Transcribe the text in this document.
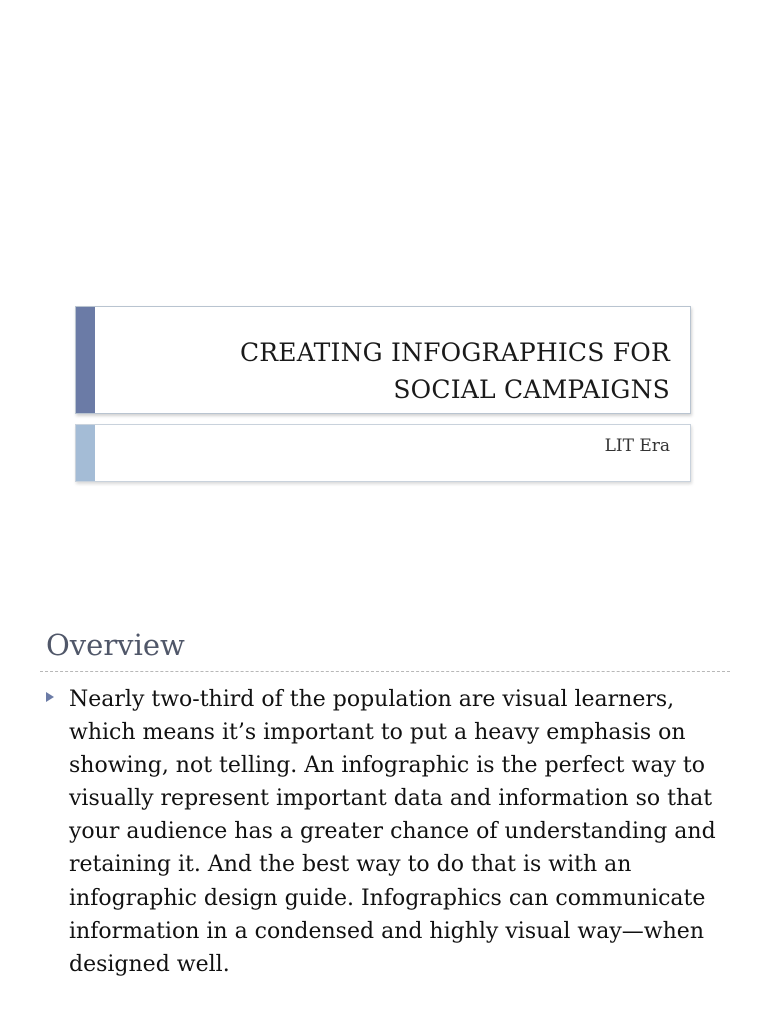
CREATING INFOGRAPHICS FOR
SOCIAL CAMPAIGNS
LIT Era
Overview

Nearly two-third of the population are visual learners, which means it’s important to put a heavy emphasis on showing, not telling. An infographic is the perfect way to visually represent important data and information so that your audience has a greater chance of understanding and retaining it. And the best way to do that is with an infographic design guide. Infographics can communicate information in a condensed and highly visual way—when designed well.
